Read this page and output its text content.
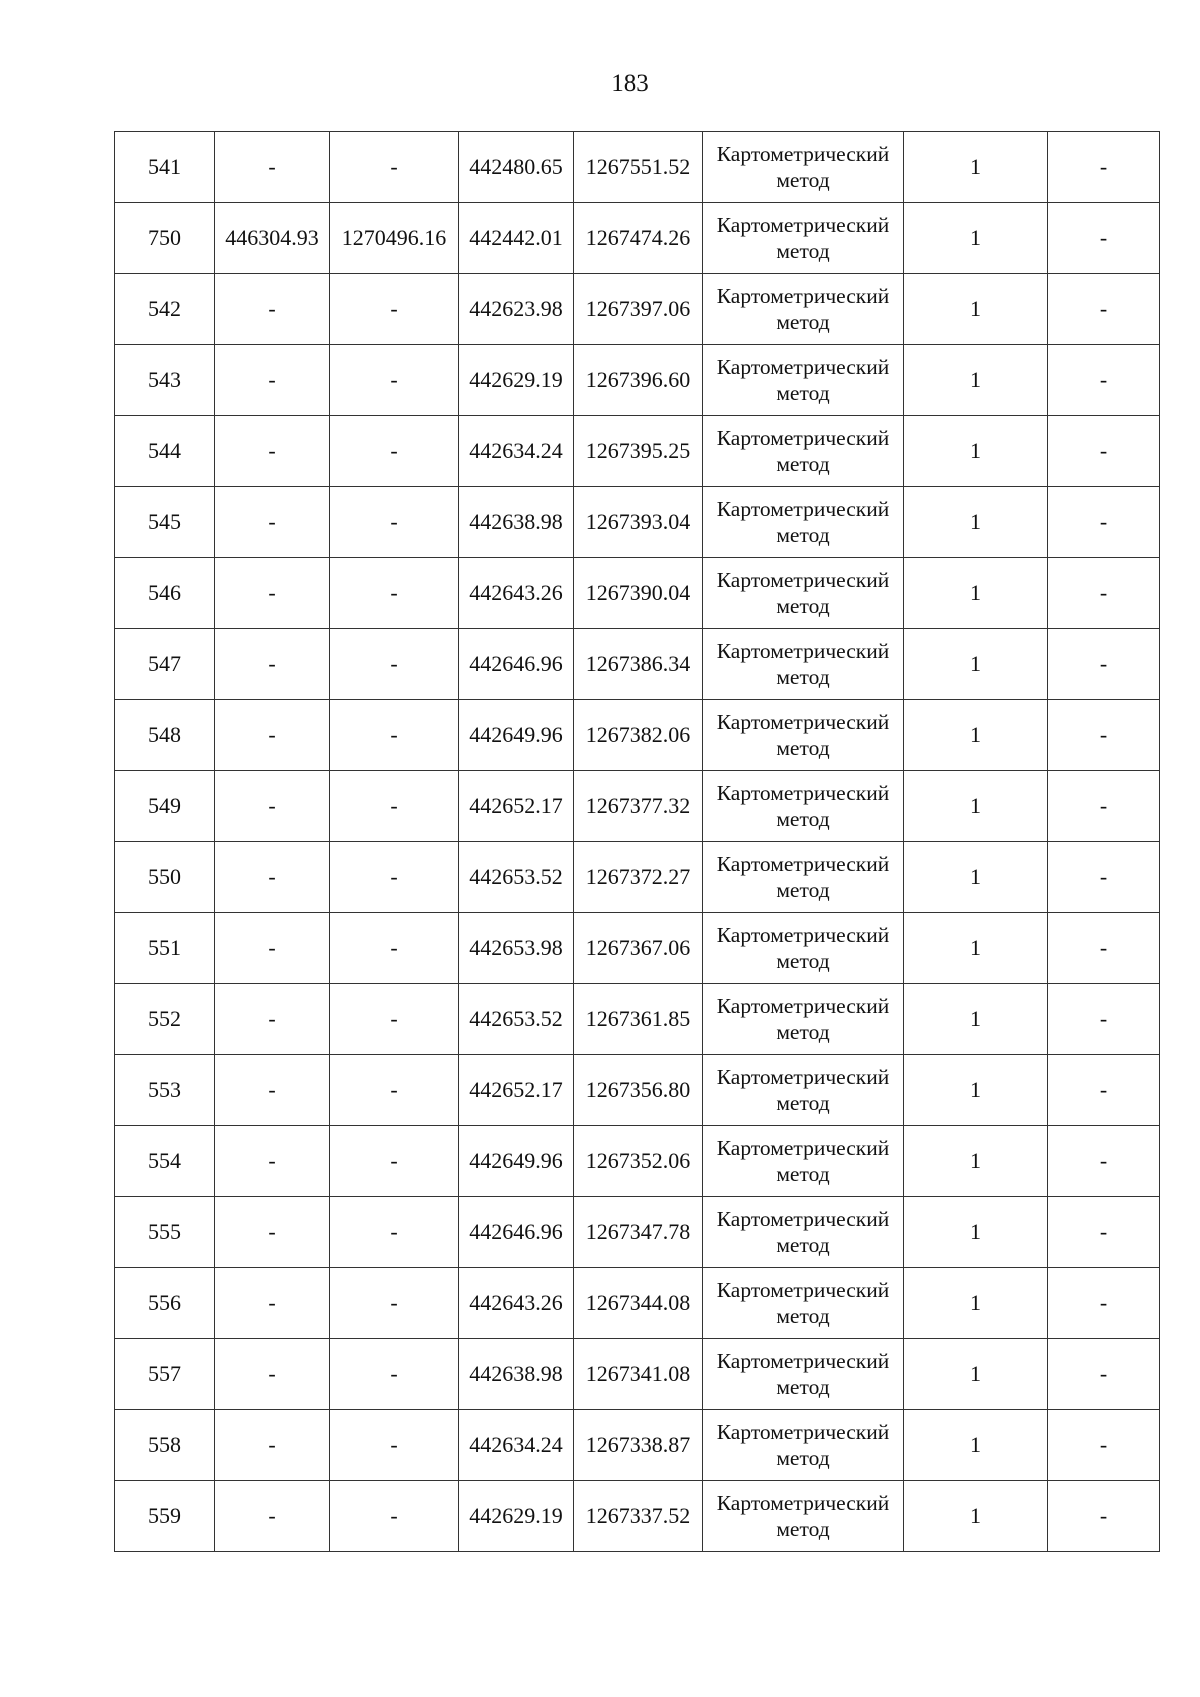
183
541	-	-	442480.65	1267551.52	Картометрический метод	1	-
750	446304.93	1270496.16	442442.01	1267474.26	Картометрический метод	1	-
542	-	-	442623.98	1267397.06	Картометрический метод	1	-
543	-	-	442629.19	1267396.60	Картометрический метод	1	-
544	-	-	442634.24	1267395.25	Картометрический метод	1	-
545	-	-	442638.98	1267393.04	Картометрический метод	1	-
546	-	-	442643.26	1267390.04	Картометрический метод	1	-
547	-	-	442646.96	1267386.34	Картометрический метод	1	-
548	-	-	442649.96	1267382.06	Картометрический метод	1	-
549	-	-	442652.17	1267377.32	Картометрический метод	1	-
550	-	-	442653.52	1267372.27	Картометрический метод	1	-
551	-	-	442653.98	1267367.06	Картометрический метод	1	-
552	-	-	442653.52	1267361.85	Картометрический метод	1	-
553	-	-	442652.17	1267356.80	Картометрический метод	1	-
554	-	-	442649.96	1267352.06	Картометрический метод	1	-
555	-	-	442646.96	1267347.78	Картометрический метод	1	-
556	-	-	442643.26	1267344.08	Картометрический метод	1	-
557	-	-	442638.98	1267341.08	Картометрический метод	1	-
558	-	-	442634.24	1267338.87	Картометрический метод	1	-
559	-	-	442629.19	1267337.52	Картометрический метод	1	-
